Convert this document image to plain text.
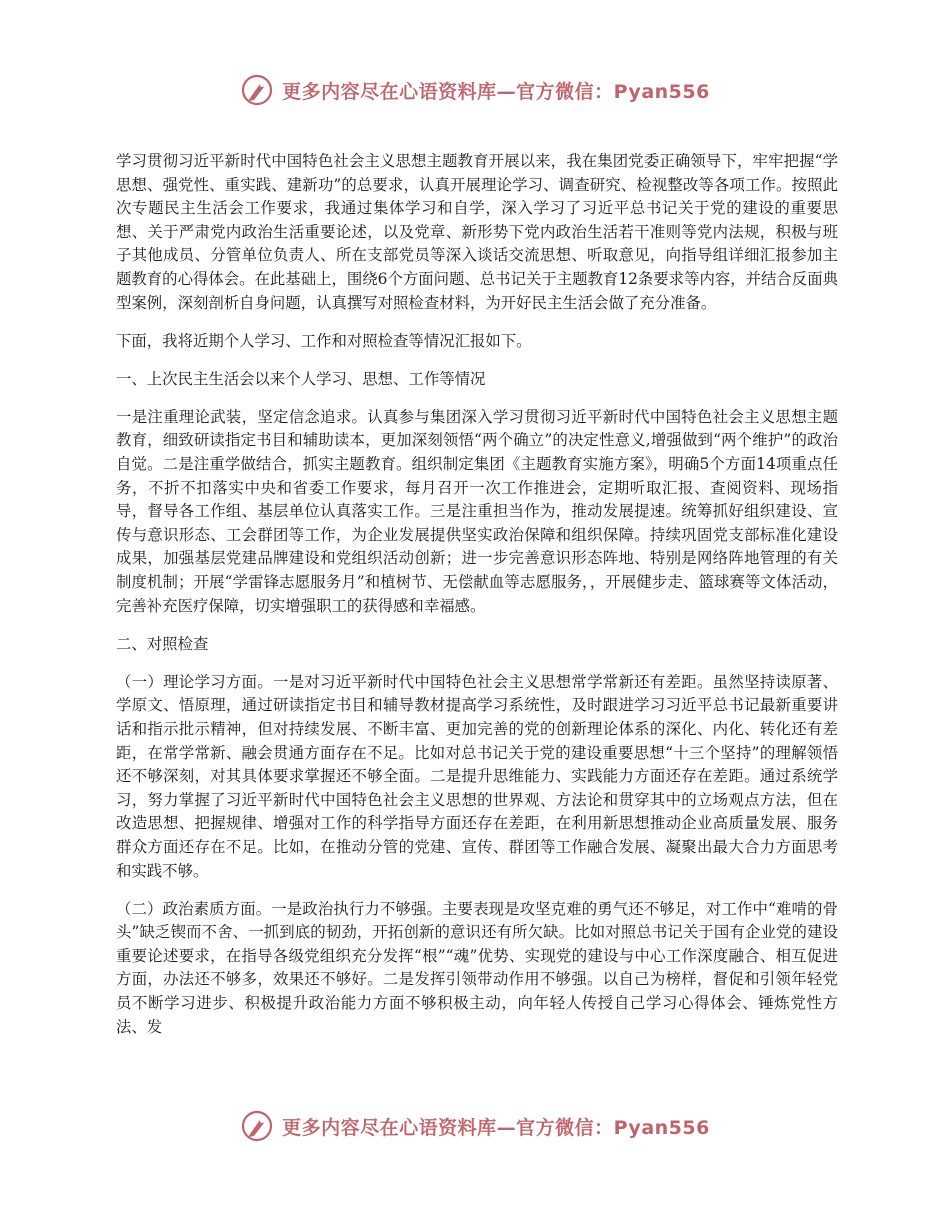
更多内容尽在心语资料库—官方微信：Pyan556

学习贯彻习近平新时代中国特色社会主义思想主题教育开展以来，我在集团党委正确领导下，牢牢把握“学思想、强党性、重实践、建新功”的总要求，认真开展理论学习、调查研究、检视整改等各项工作。按照此次专题民主生活会工作要求，我通过集体学习和自学，深入学习了习近平总书记关于党的建设的重要思想、关于严肃党内政治生活重要论述，以及党章、新形势下党内政治生活若干准则等党内法规，积极与班子其他成员、分管单位负责人、所在支部党员等深入谈话交流思想、听取意见，向指导组详细汇报参加主题教育的心得体会。在此基础上，围绕6个方面问题、总书记关于主题教育12条要求等内容，并结合反面典型案例，深刻剖析自身问题，认真撰写对照检查材料，为开好民主生活会做了充分准备。

下面，我将近期个人学习、工作和对照检查等情况汇报如下。

一、上次民主生活会以来个人学习、思想、工作等情况

一是注重理论武装，坚定信念追求。认真参与集团深入学习贯彻习近平新时代中国特色社会主义思想主题教育，细致研读指定书目和辅助读本，更加深刻领悟“两个确立”的决定性意义,增强做到“两个维护”的政治自觉。二是注重学做结合，抓实主题教育。组织制定集团《主题教育实施方案》，明确5个方面14项重点任务，不折不扣落实中央和省委工作要求，每月召开一次工作推进会，定期听取汇报、查阅资料、现场指导，督导各工作组、基层单位认真落实工作。三是注重担当作为，推动发展提速。统筹抓好组织建设、宣传与意识形态、工会群团等工作，为企业发展提供坚实政治保障和组织保障。持续巩固党支部标准化建设成果，加强基层党建品牌建设和党组织活动创新；进一步完善意识形态阵地、特别是网络阵地管理的有关制度机制；开展“学雷锋志愿服务月”和植树节、无偿献血等志愿服务，，开展健步走、篮球赛等文体活动，完善补充医疗保障，切实增强职工的获得感和幸福感。

二、对照检查

（一）理论学习方面。一是对习近平新时代中国特色社会主义思想常学常新还有差距。虽然坚持读原著、学原文、悟原理，通过研读指定书目和辅导教材提高学习系统性，及时跟进学习习近平总书记最新重要讲话和指示批示精神，但对持续发展、不断丰富、更加完善的党的创新理论体系的深化、内化、转化还有差距，在常学常新、融会贯通方面存在不足。比如对总书记关于党的建设重要思想“十三个坚持”的理解领悟还不够深刻，对其具体要求掌握还不够全面。二是提升思维能力、实践能力方面还存在差距。通过系统学习，努力掌握了习近平新时代中国特色社会主义思想的世界观、方法论和贯穿其中的立场观点方法，但在改造思想、把握规律、增强对工作的科学指导方面还存在差距，在利用新思想推动企业高质量发展、服务群众方面还存在不足。比如，在推动分管的党建、宣传、群团等工作融合发展、凝聚出最大合力方面思考和实践不够。

（二）政治素质方面。一是政治执行力不够强。主要表现是攻坚克难的勇气还不够足，对工作中“难啃的骨头”缺乏锲而不舍、一抓到底的韧劲，开拓创新的意识还有所欠缺。比如对照总书记关于国有企业党的建设重要论述要求，在指导各级党组织充分发挥“根”“魂”优势、实现党的建设与中心工作深度融合、相互促进方面，办法还不够多，效果还不够好。二是发挥引领带动作用不够强。以自己为榜样，督促和引领年轻党员不断学习进步、积极提升政治能力方面不够积极主动，向年轻人传授自己学习心得体会、锤炼党性方法、发

更多内容尽在心语资料库—官方微信：Pyan556
